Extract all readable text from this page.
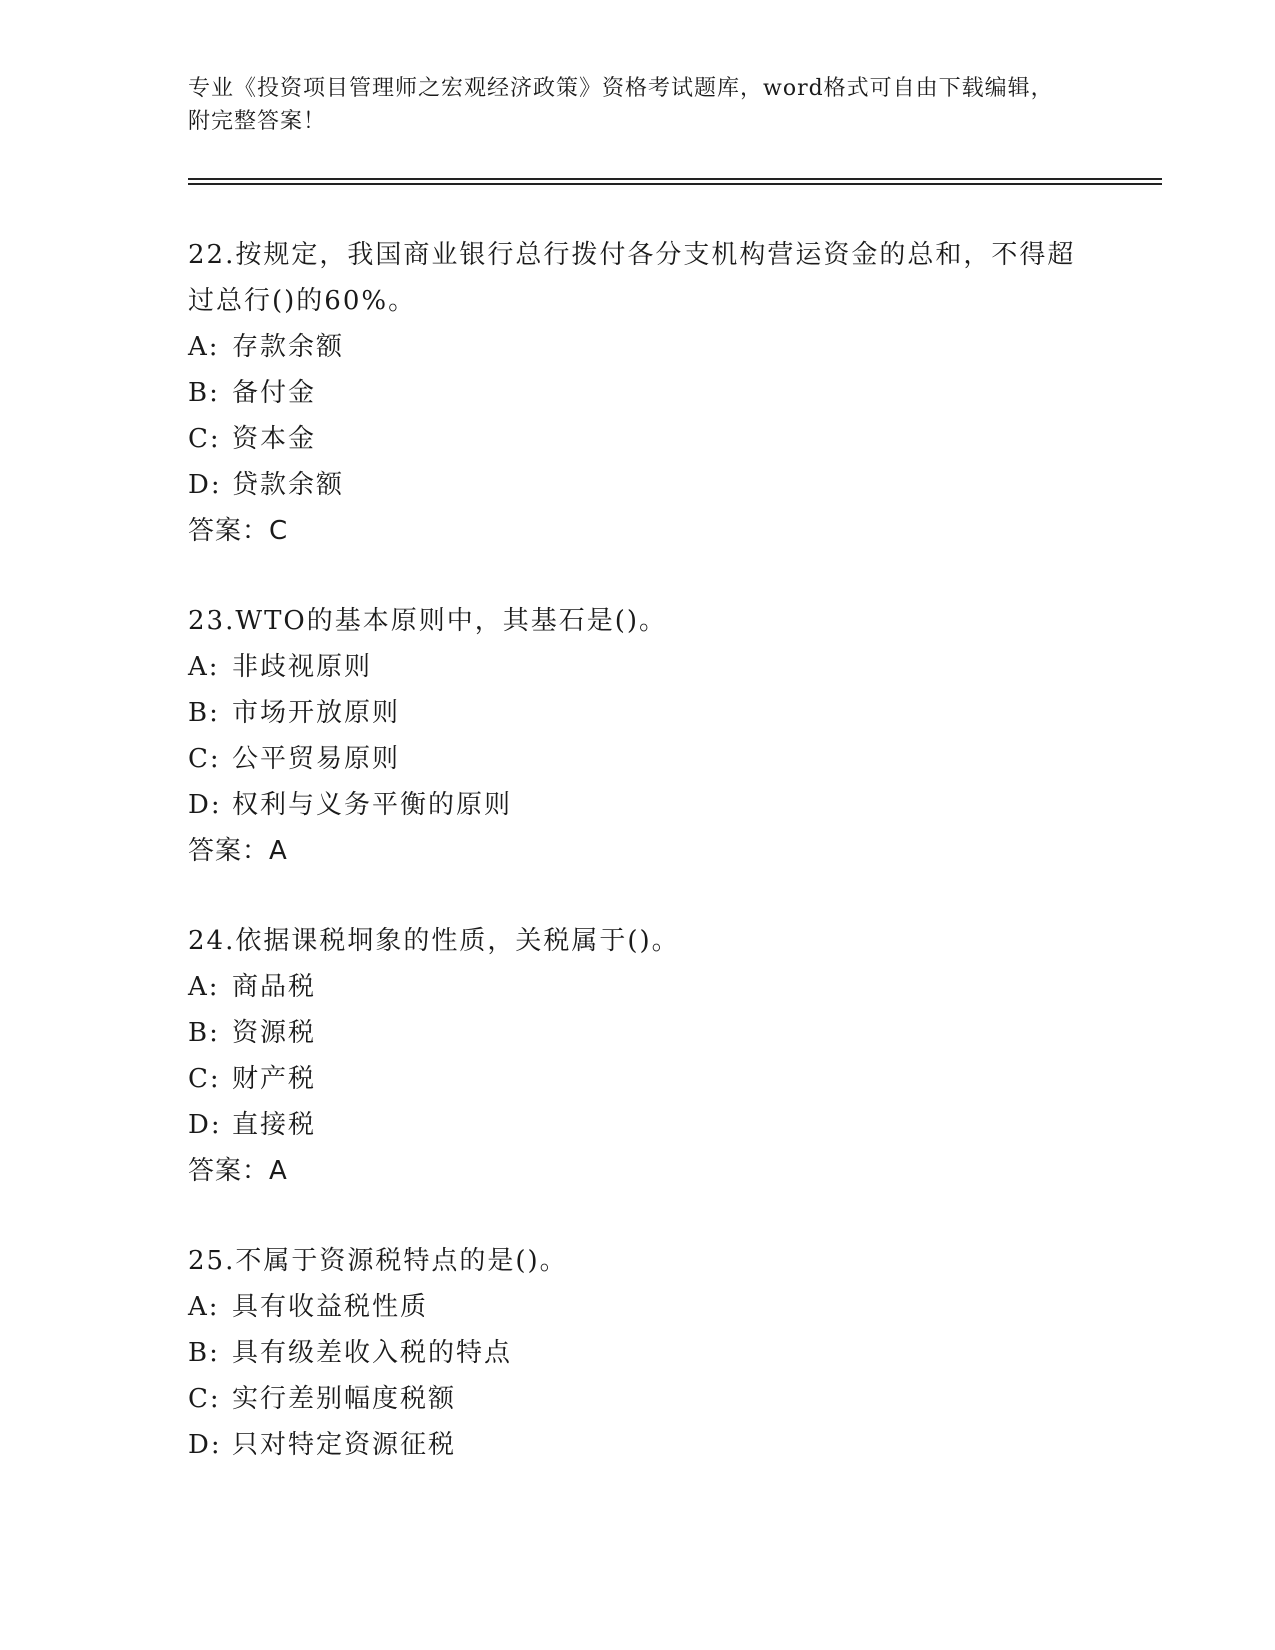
专业《投资项目管理师之宏观经济政策》资格考试题库，word格式可自由下载编辑，附完整答案！
22.按规定，我国商业银行总行拨付各分支机构营运资金的总和，不得超过总行()的60%。
A: 存款余额
B: 备付金
C: 资本金
D: 贷款余额
答案：C
23.WTO的基本原则中，其基石是()。
A: 非歧视原则
B: 市场开放原则
C: 公平贸易原则
D: 权利与义务平衡的原则
答案：A
24.依据课税坰象的性质，关税属于()。
A: 商品税
B: 资源税
C: 财产税
D: 直接税
答案：A
25.不属于资源税特点的是()。
A: 具有收益税性质
B: 具有级差收入税的特点
C: 实行差别幅度税额
D: 只对特定资源征税
